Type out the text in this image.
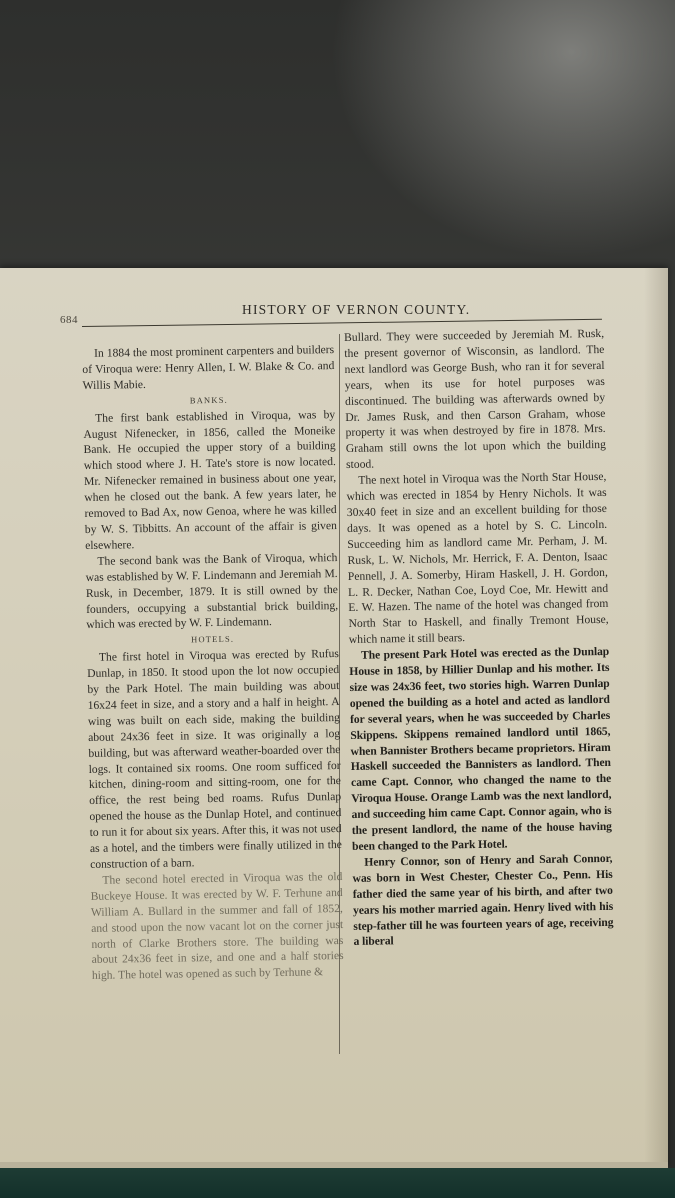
684
HISTORY OF VERNON COUNTY.

In 1884 the most prominent carpenters and builders of Viroqua were: Henry Allen, I. W. Blake & Co. and Willis Mabie.

BANKS.

The first bank established in Viroqua, was by August Nifenecker, in 1856, called the Moneike Bank. He occupied the upper story of a building which stood where J. H. Tate's store is now located. Mr. Nifenecker remained in business about one year, when he closed out the bank. A few years later, he removed to Bad Ax, now Genoa, where he was killed by W. S. Tibbitts. An account of the affair is given elsewhere.

The second bank was the Bank of Viroqua, which was established by W. F. Lindemann and Jeremiah M. Rusk, in December, 1879. It is still owned by the founders, occupying a substantial brick building, which was erected by W. F. Lindemann.

HOTELS.

The first hotel in Viroqua was erected by Rufus Dunlap, in 1850. It stood upon the lot now occupied by the Park Hotel. The main building was about 16x24 feet in size, and a story and a half in height. A wing was built on each side, making the building about 24x36 feet in size. It was originally a log building, but was afterward weather-boarded over the logs. It contained six rooms. One room sufficed for kitchen, dining-room and sitting-room, one for the office, the rest being bed roams. Rufus Dunlap opened the house as the Dunlap Hotel, and continued to run it for about six years. After this, it was not used as a hotel, and the timbers were finally utilized in the construction of a barn.

The second hotel erected in Viroqua was the old Buckeye House. It was erected by W. F. Terhune and William A. Bullard in the summer and fall of 1852, and stood upon the now vacant lot on the corner just north of Clarke Brothers store. The building was about 24x36 feet in size, and one and a half stories high. The hotel was opened as such by Terhune &

Bullard. They were succeeded by Jeremiah M. Rusk, the present governor of Wisconsin, as landlord. The next landlord was George Bush, who ran it for several years, when its use for hotel purposes was discontinued. The building was afterwards owned by Dr. James Rusk, and then Carson Graham, whose property it was when destroyed by fire in 1878. Mrs. Graham still owns the lot upon which the building stood.

The next hotel in Viroqua was the North Star House, which was erected in 1854 by Henry Nichols. It was 30x40 feet in size and an excellent building for those days. It was opened as a hotel by S. C. Lincoln. Succeeding him as landlord came Mr. Perham, J. M. Rusk, L. W. Nichols, Mr. Herrick, F. A. Denton, Isaac Pennell, J. A. Somerby, Hiram Haskell, J. H. Gordon, L. R. Decker, Nathan Coe, Loyd Coe, Mr. Hewitt and E. W. Hazen. The name of the hotel was changed from North Star to Haskell, and finally Tremont House, which name it still bears.

The present Park Hotel was erected as the Dunlap House in 1858, by Hillier Dunlap and his mother. Its size was 24x36 feet, two stories high. Warren Dunlap opened the building as a hotel and acted as landlord for several years, when he was succeeded by Charles Skippens. Skippens remained landlord until 1865, when Bannister Brothers became proprietors. Hiram Haskell succeeded the Bannisters as landlord. Then came Capt. Connor, who changed the name to the Viroqua House. Orange Lamb was the next landlord, and succeeding him came Capt. Connor again, who is the present landlord, the name of the house having been changed to the Park Hotel.

Henry Connor, son of Henry and Sarah Connor, was born in West Chester, Chester Co., Penn. His father died the same year of his birth, and after two years his mother married again. Henry lived with his step-father till he was fourteen years of age, receiving a liberal
